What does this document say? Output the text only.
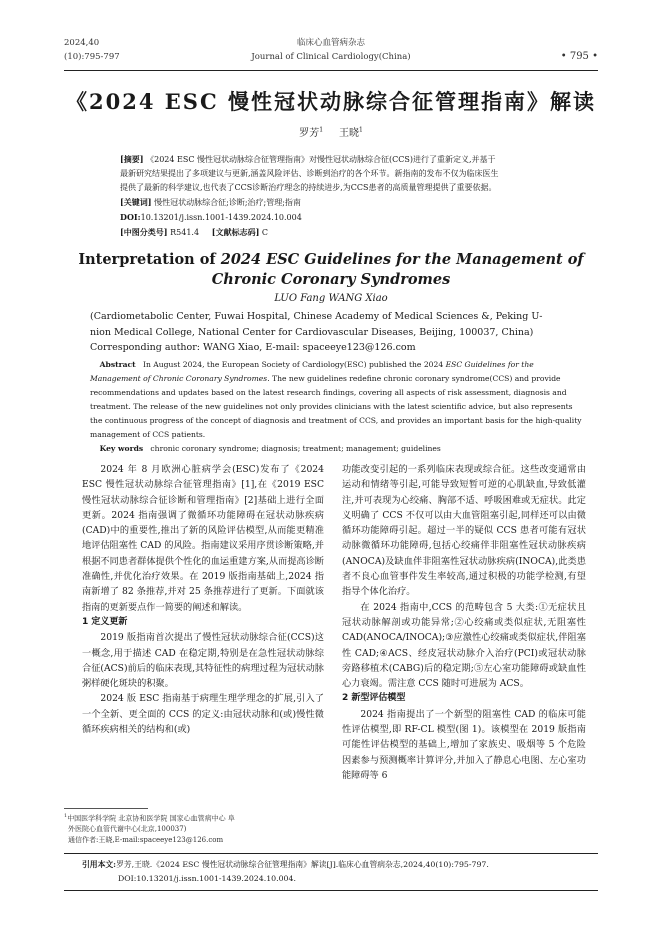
2024,40
(10):795-797
临床心血管病杂志
Journal of Clinical Cardiology(China)	• 795 •
《2024 ESC 慢性冠状动脉综合征管理指南》解读
罗芳$^1$ 王晓$^1$
[摘要] 《2024 ESC 慢性冠状动脉综合征管理指南》对慢性冠状动脉综合征(CCS)进行了重新定义,并基于
最新研究结果提出了多项建议与更新,涵盖风险评估、诊断到治疗的各个环节。新指南的发布不仅为临床医生
提供了最新的科学建议,也代表了CCS诊断治疗理念的持续进步,为CCS患者的高质量管理提供了重要依据。
[关键词] 慢性冠状动脉综合征;诊断;治疗;管理;指南
DOI:10.13201/j.issn.1001-1439.2024.10.004
[中图分类号] R541.4 [文献标志码] C
Interpretation of 2024 ESC Guidelines for the Management of
Chronic Coronary Syndromes
LUO Fang WANG Xiao
(Cardiometabolic Center, Fuwai Hospital, Chinese Academy of Medical Sciences &, Peking U-
nion Medical College, National Center for Cardiovascular Diseases, Beijing, 100037, China)
Corresponding author: WANG Xiao, E-mail: spaceeye123@126.com
Abstract In August 2024, the European Society of Cardiology(ESC) published the 2024 ESC Guidelines for the Management of Chronic Coronary Syndromes. The new guidelines redefine chronic coronary syndrome(CCS) and provide recommendations and updates based on the latest research findings, covering all aspects of risk assessment, diagnosis and treatment. The release of the new guidelines not only provides clinicians with the latest scientific advice, but also represents the continuous progress of the concept of diagnosis and treatment of CCS, and provides an important basis for the high-quality management of CCS patients.
Key words chronic coronary syndrome; diagnosis; treatment; management; guidelines

2024 年 8 月欧洲心脏病学会(ESC)发布了《2024 ESC 慢性冠状动脉综合征管理指南》[1],在《2019 ESC 慢性冠状动脉综合征诊断和管理指南》[2]基础上进行全面更新。2024 指南强调了微循环功能障碍在冠状动脉疾病(CAD)中的重要性,推出了新的风险评估模型,从而能更精准地评估阻塞性 CAD 的风险。指南建议采用序贯诊断策略,并根据不同患者群体提供个性化的血运重建方案,从而提高诊断准确性,并优化治疗效果。在 2019 版指南基础上,2024 指南新增了 82 条推荐,并对 25 条推荐进行了更新。下面就该指南的更新要点作一简要的阐述和解读。

1 定义更新

2019 版指南首次提出了慢性冠状动脉综合征(CCS)这一概念,用于描述 CAD 在稳定期,特别是在急性冠状动脉综合征(ACS)前后的临床表现,其特征性的病理过程为冠状动脉粥样硬化斑块的积聚。

2024 版 ESC 指南基于病理生理学理念的扩展,引入了一个全新、更全面的 CCS 的定义:由冠状动脉和(或)慢性微循环疾病相关的结构和(或)

功能改变引起的一系列临床表现或综合征。这些改变通常由运动和情绪等引起,可能导致短暂可逆的心肌缺血,导致低灌注,并可表现为心绞痛、胸部不适、呼吸困难或无症状。此定义明确了 CCS 不仅可以由大血管阻塞引起,同样还可以由微循环功能障碍引起。超过一半的疑似 CCS 患者可能有冠状动脉微循环功能障碍,包括心绞痛伴非阻塞性冠状动脉疾病(ANOCA)及缺血伴非阻塞性冠状动脉疾病(INOCA),此类患者不良心血管事件发生率较高,通过积极的功能学检测,有望指导个体化治疗。

在 2024 指南中,CCS 的范畴包含 5 大类:①无症状且冠状动脉解剖或功能异常;②心绞痛或类似症状,无阻塞性 CAD(ANOCA/INOCA);③应激性心绞痛或类似症状,伴阻塞性 CAD;④ACS、经皮冠状动脉介入治疗(PCI)或冠状动脉旁路移植术(CABG)后的稳定期;⑤左心室功能障碍或缺血性心力衰竭。需注意 CCS 随时可进展为 ACS。

2 新型评估模型

2024 指南提出了一个新型的阻塞性 CAD 的临床可能性评估模型,即 RF-CL 模型(图 1)。该模型在 2019 版指南可能性评估模型的基础上,增加了家族史、吸烟等 5 个危险因素参与预测概率计算评分,并加入了静息心电图、左心室功能障碍等 6

$^1$中国医学科学院 北京协和医学院 国家心血管病中心 阜
外医院心血管代谢中心(北京,100037)
通信作者:王晓,E-mail:spaceeye123@126.com
引用本文:罗芳,王晓.《2024 ESC 慢性冠状动脉综合征管理指南》解读[J].临床心血管病杂志,2024,40(10):795-797.
DOI:10.13201/j.issn.1001-1439.2024.10.004.
